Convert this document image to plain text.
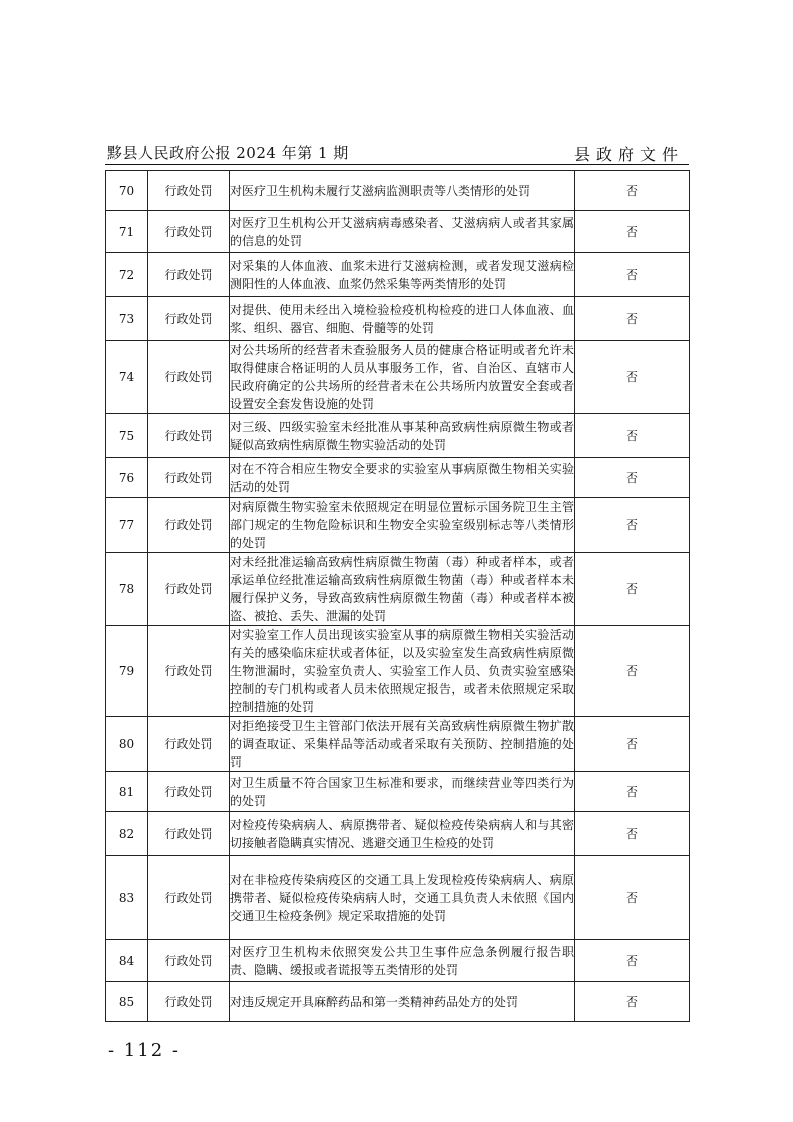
黟县人民政府公报 2024 年第 1 期	县政府文件
70	行政处罚	对医疗卫生机构未履行艾滋病监测职责等八类情形的处罚	否
71	行政处罚	对医疗卫生机构公开艾滋病病毒感染者、艾滋病病人或者其家属的信息的处罚	否
72	行政处罚	对采集的人体血液、血浆未进行艾滋病检测，或者发现艾滋病检测阳性的人体血液、血浆仍然采集等两类情形的处罚	否
73	行政处罚	对提供、使用未经出入境检验检疫机构检疫的进口人体血液、血浆、组织、器官、细胞、骨髓等的处罚	否
74	行政处罚	对公共场所的经营者未查验服务人员的健康合格证明或者允许未取得健康合格证明的人员从事服务工作，省、自治区、直辖市人民政府确定的公共场所的经营者未在公共场所内放置安全套或者设置安全套发售设施的处罚	否
75	行政处罚	对三级、四级实验室未经批准从事某种高致病性病原微生物或者疑似高致病性病原微生物实验活动的处罚	否
76	行政处罚	对在不符合相应生物安全要求的实验室从事病原微生物相关实验活动的处罚	否
77	行政处罚	对病原微生物实验室未依照规定在明显位置标示国务院卫生主管部门规定的生物危险标识和生物安全实验室级别标志等八类情形的处罚	否
78	行政处罚	对未经批准运输高致病性病原微生物菌（毒）种或者样本，或者承运单位经批准运输高致病性病原微生物菌（毒）种或者样本未履行保护义务，导致高致病性病原微生物菌（毒）种或者样本被盗、被抢、丢失、泄漏的处罚	否
79	行政处罚	对实验室工作人员出现该实验室从事的病原微生物相关实验活动有关的感染临床症状或者体征，以及实验室发生高致病性病原微生物泄漏时，实验室负责人、实验室工作人员、负责实验室感染控制的专门机构或者人员未依照规定报告，或者未依照规定采取控制措施的处罚	否
80	行政处罚	对拒绝接受卫生主管部门依法开展有关高致病性病原微生物扩散的调查取证、采集样品等活动或者采取有关预防、控制措施的处罚	否
81	行政处罚	对卫生质量不符合国家卫生标准和要求，而继续营业等四类行为的处罚	否
82	行政处罚	对检疫传染病病人、病原携带者、疑似检疫传染病病人和与其密切接触者隐瞒真实情况、逃避交通卫生检疫的处罚	否
83	行政处罚	对在非检疫传染病疫区的交通工具上发现检疫传染病病人、病原携带者、疑似检疫传染病病人时，交通工具负责人未依照《国内交通卫生检疫条例》规定采取措施的处罚	否
84	行政处罚	对医疗卫生机构未依照突发公共卫生事件应急条例履行报告职责、隐瞒、缓报或者谎报等五类情形的处罚	否
85	行政处罚	对违反规定开具麻醉药品和第一类精神药品处方的处罚	否
- 112 -
